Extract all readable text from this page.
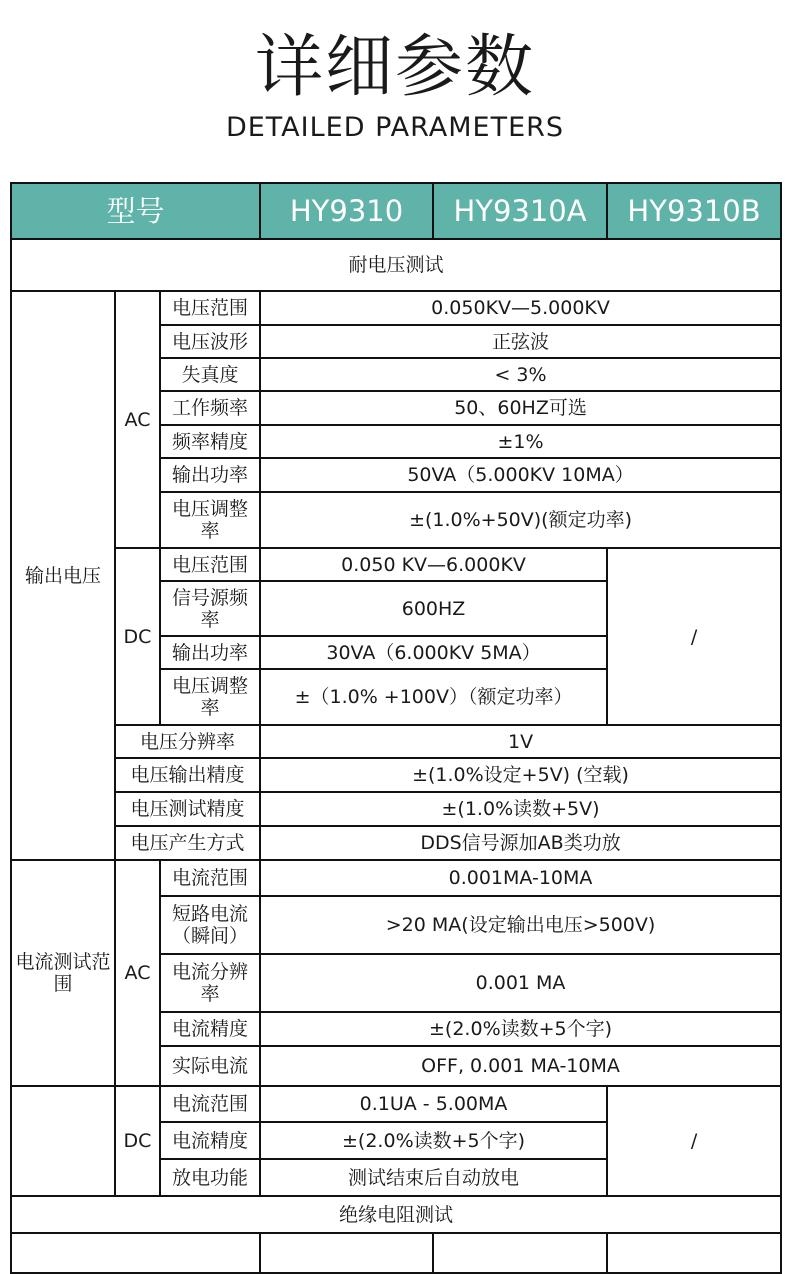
详细参数
DETAILED PARAMETERS
型号			HY9310	HY9310A	HY9310B
耐电压测试					
输出电压	AC	电压范围	0.050KV—5.000KV		
		电压波形	正弦波		
		失真度	< 3%		
		工作频率	50、60HZ可选		
		频率精度	±1%		
		输出功率	50VA（5.000KV 10MA）		
		电压调整率	±(1.0%+50V)(额定功率)		
	DC	电压范围	0.050 KV—6.000KV		/
		信号源频率	600HZ		
		输出功率	30VA（6.000KV 5MA）		
		电压调整率	±（1.0% +100V）（额定功率）		
	电压分辨率		1V		
	电压输出精度		±(1.0%设定+5V) (空载)		
	电压测试精度		±(1.0%读数+5V)		
	电压产生方式		DDS信号源加AB类功放		
电流测试范围	AC	电流范围	0.001MA-10MA		
		短路电流（瞬间）	>20 MA(设定输出电压>500V)		
		电流分辨率	0.001 MA		
		电流精度	±(2.0%读数+5个字)		
		实际电流	OFF, 0.001 MA-10MA		
	DC	电流范围	0.1UA - 5.00MA		/
		电流精度	±(2.0%读数+5个字)		
		放电功能	测试结束后自动放电		
绝缘电阻测试					
